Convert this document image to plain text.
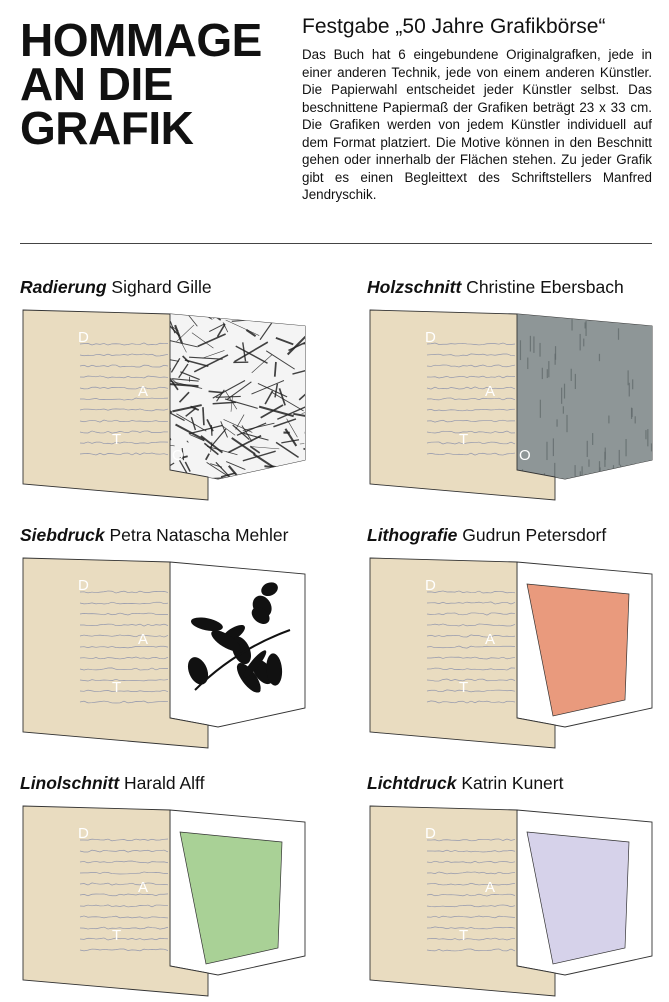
HOMMAGE
AN DIE
GRAFIK
Festgabe „50 Jahre Grafikbörse“

Das Buch hat 6 eingebundene Originalgrafken, jede in einer anderen Technik, jede von einem anderen Künstler. Die Papierwahl entscheidet jeder Künstler selbst. Das beschnittene Papiermaß der Grafiken beträgt 23 x 33 cm. Die Grafiken werden von jedem Künstler individuell auf dem Format platziert. Die Motive können in den Beschnitt gehen oder innerhalb der Flächen stehen. Zu jeder Grafik gibt es einen Begleittext des Schriftstellers Manfred Jendryschik.

Radierung Sighard Gille
D
A
T
O
Holzschnitt Christine Ebersbach
D
A
T
O
Siebdruck Petra Natascha Mehler
D
A
T
O
Lithografie Gudrun Petersdorf
D
A
T
O
Linolschnitt Harald Alff
D
A
T
O
Lichtdruck Katrin Kunert
D
A
T
O
